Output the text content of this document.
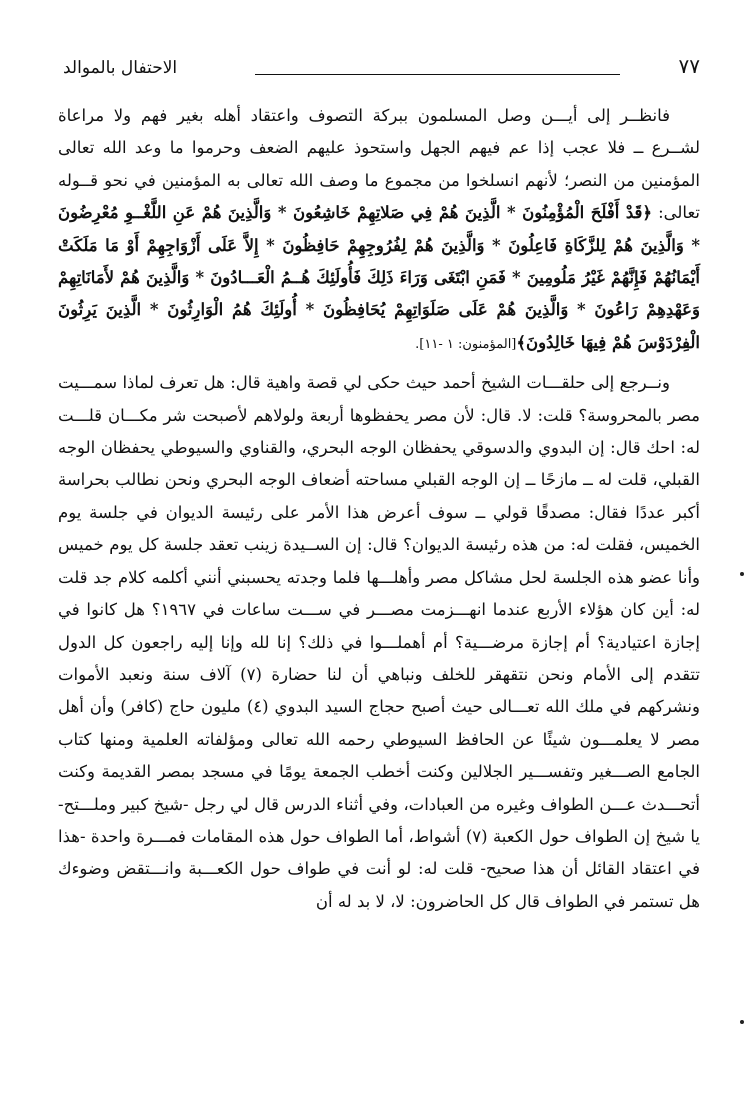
الاحتفال بالموالد	٧٧

فانظــر إلى أيـــن وصل المسلمون ببركة التصوف واعتقاد أهله بغير فهم ولا مراعاة لشــرع ــ فلا عجب إذا عم فيهم الجهل واستحوذ عليهم الضعف وحرموا ما وعد الله تعالى المؤمنين من النصر؛ لأنهم انسلخوا من مجموع ما وصف الله تعالى به المؤمنين في نحو قــوله تعالى: ﴿قَدْ أَفْلَحَ الْمُؤْمِنُونَ * الَّذِينَ هُمْ فِي صَلاتِهِمْ خَاشِعُونَ * وَالَّذِينَ هُمْ عَنِ اللَّغْــوِ مُعْرِضُونَ * وَالَّذِينَ هُمْ لِلزَّكَاةِ فَاعِلُونَ * وَالَّذِينَ هُمْ لِفُرُوجِهِمْ حَافِظُونَ * إِلاَّ عَلَى أَزْوَاجِهِمْ أَوْ مَا مَلَكَتْ أَيْمَانُهُمْ فَإِنَّهُمْ غَيْرُ مَلُومِينَ * فَمَنِ ابْتَغَى وَرَاءَ ذَلِكَ فَأُولَئِكَ هُــمُ الْعَـــادُونَ * وَالَّذِينَ هُمْ لأَمَانَاتِهِمْ وَعَهْدِهِمْ رَاعُونَ * وَالَّذِينَ هُمْ عَلَى صَلَوَاتِهِمْ يُحَافِظُونَ * أُولَئِكَ هُمُ الْوَارِثُونَ * الَّذِينَ يَرِثُونَ الْفِرْدَوْسَ هُمْ فِيهَا خَالِدُونَ﴾[المؤمنون: ١ -١١].

ونــرجع إلى حلقـــات الشيخ أحمد حيث حكى لي قصة واهية قال: هل تعرف لماذا سمـــيت مصر بالمحروسة؟ قلت: لا. قال: لأن مصر يحفظوها أربعة ولولاهم لأصبحت شر مكـــان قلـــت له: احك قال: إن البدوي والدسوقي يحفظان الوجه البحري، والقناوي والسيوطي يحفظان الوجه القبلي، قلت له ــ مازحًا ــ إن الوجه القبلي مساحته أضعاف الوجه البحري ونحن نطالب بحراسة أكبر عددًا فقال: مصدقًا قولي ــ سوف أعرض هذا الأمر على رئيسة الديوان في جلسة يوم الخميس، فقلت له: من هذه رئيسة الديوان؟ قال: إن الســيدة زينب تعقد جلسة كل يوم خميس وأنا عضو هذه الجلسة لحل مشاكل مصر وأهلـــها فلما وجدته يحسبني أنني أكلمه كلام جد قلت له: أين كان هؤلاء الأربع عندما انهـــزمت مصـــر في ســـت ساعات في ١٩٦٧؟ هل كانوا في إجازة اعتيادية؟ أم إجازة مرضـــية؟ أم أهملـــوا في ذلك؟ إنا لله وإنا إليه راجعون كل الدول تتقدم إلى الأمام ونحن نتقهقر للخلف ونباهي أن لنا حضارة (٧) آلاف سنة ونعبد الأموات ونشركهم في ملك الله تعـــالى حيث أصبح حجاج السيد البدوي (٤) مليون حاج (كافر) وأن أهل مصر لا يعلمـــون شيئًا عن الحافظ السيوطي رحمه الله تعالى ومؤلفاته العلمية ومنها كتاب الجامع الصـــغير وتفســـير الجلالين وكنت أخطب الجمعة يومًا في مسجد بمصر القديمة وكنت أتحـــدث عـــن الطواف وغيره من العبادات، وفي أثناء الدرس قال لي رجل -شيخ كبير وملـــتح- يا شيخ إن الطواف حول الكعبة (٧) أشواط، أما الطواف حول هذه المقامات فمـــرة واحدة -هذا في اعتقاد القائل أن هذا صحيح- قلت له: لو أنت في طواف حول الكعـــبة وانـــتقض وضوءك هل تستمر في الطواف قال كل الحاضرون: لا، لا بد له أن
